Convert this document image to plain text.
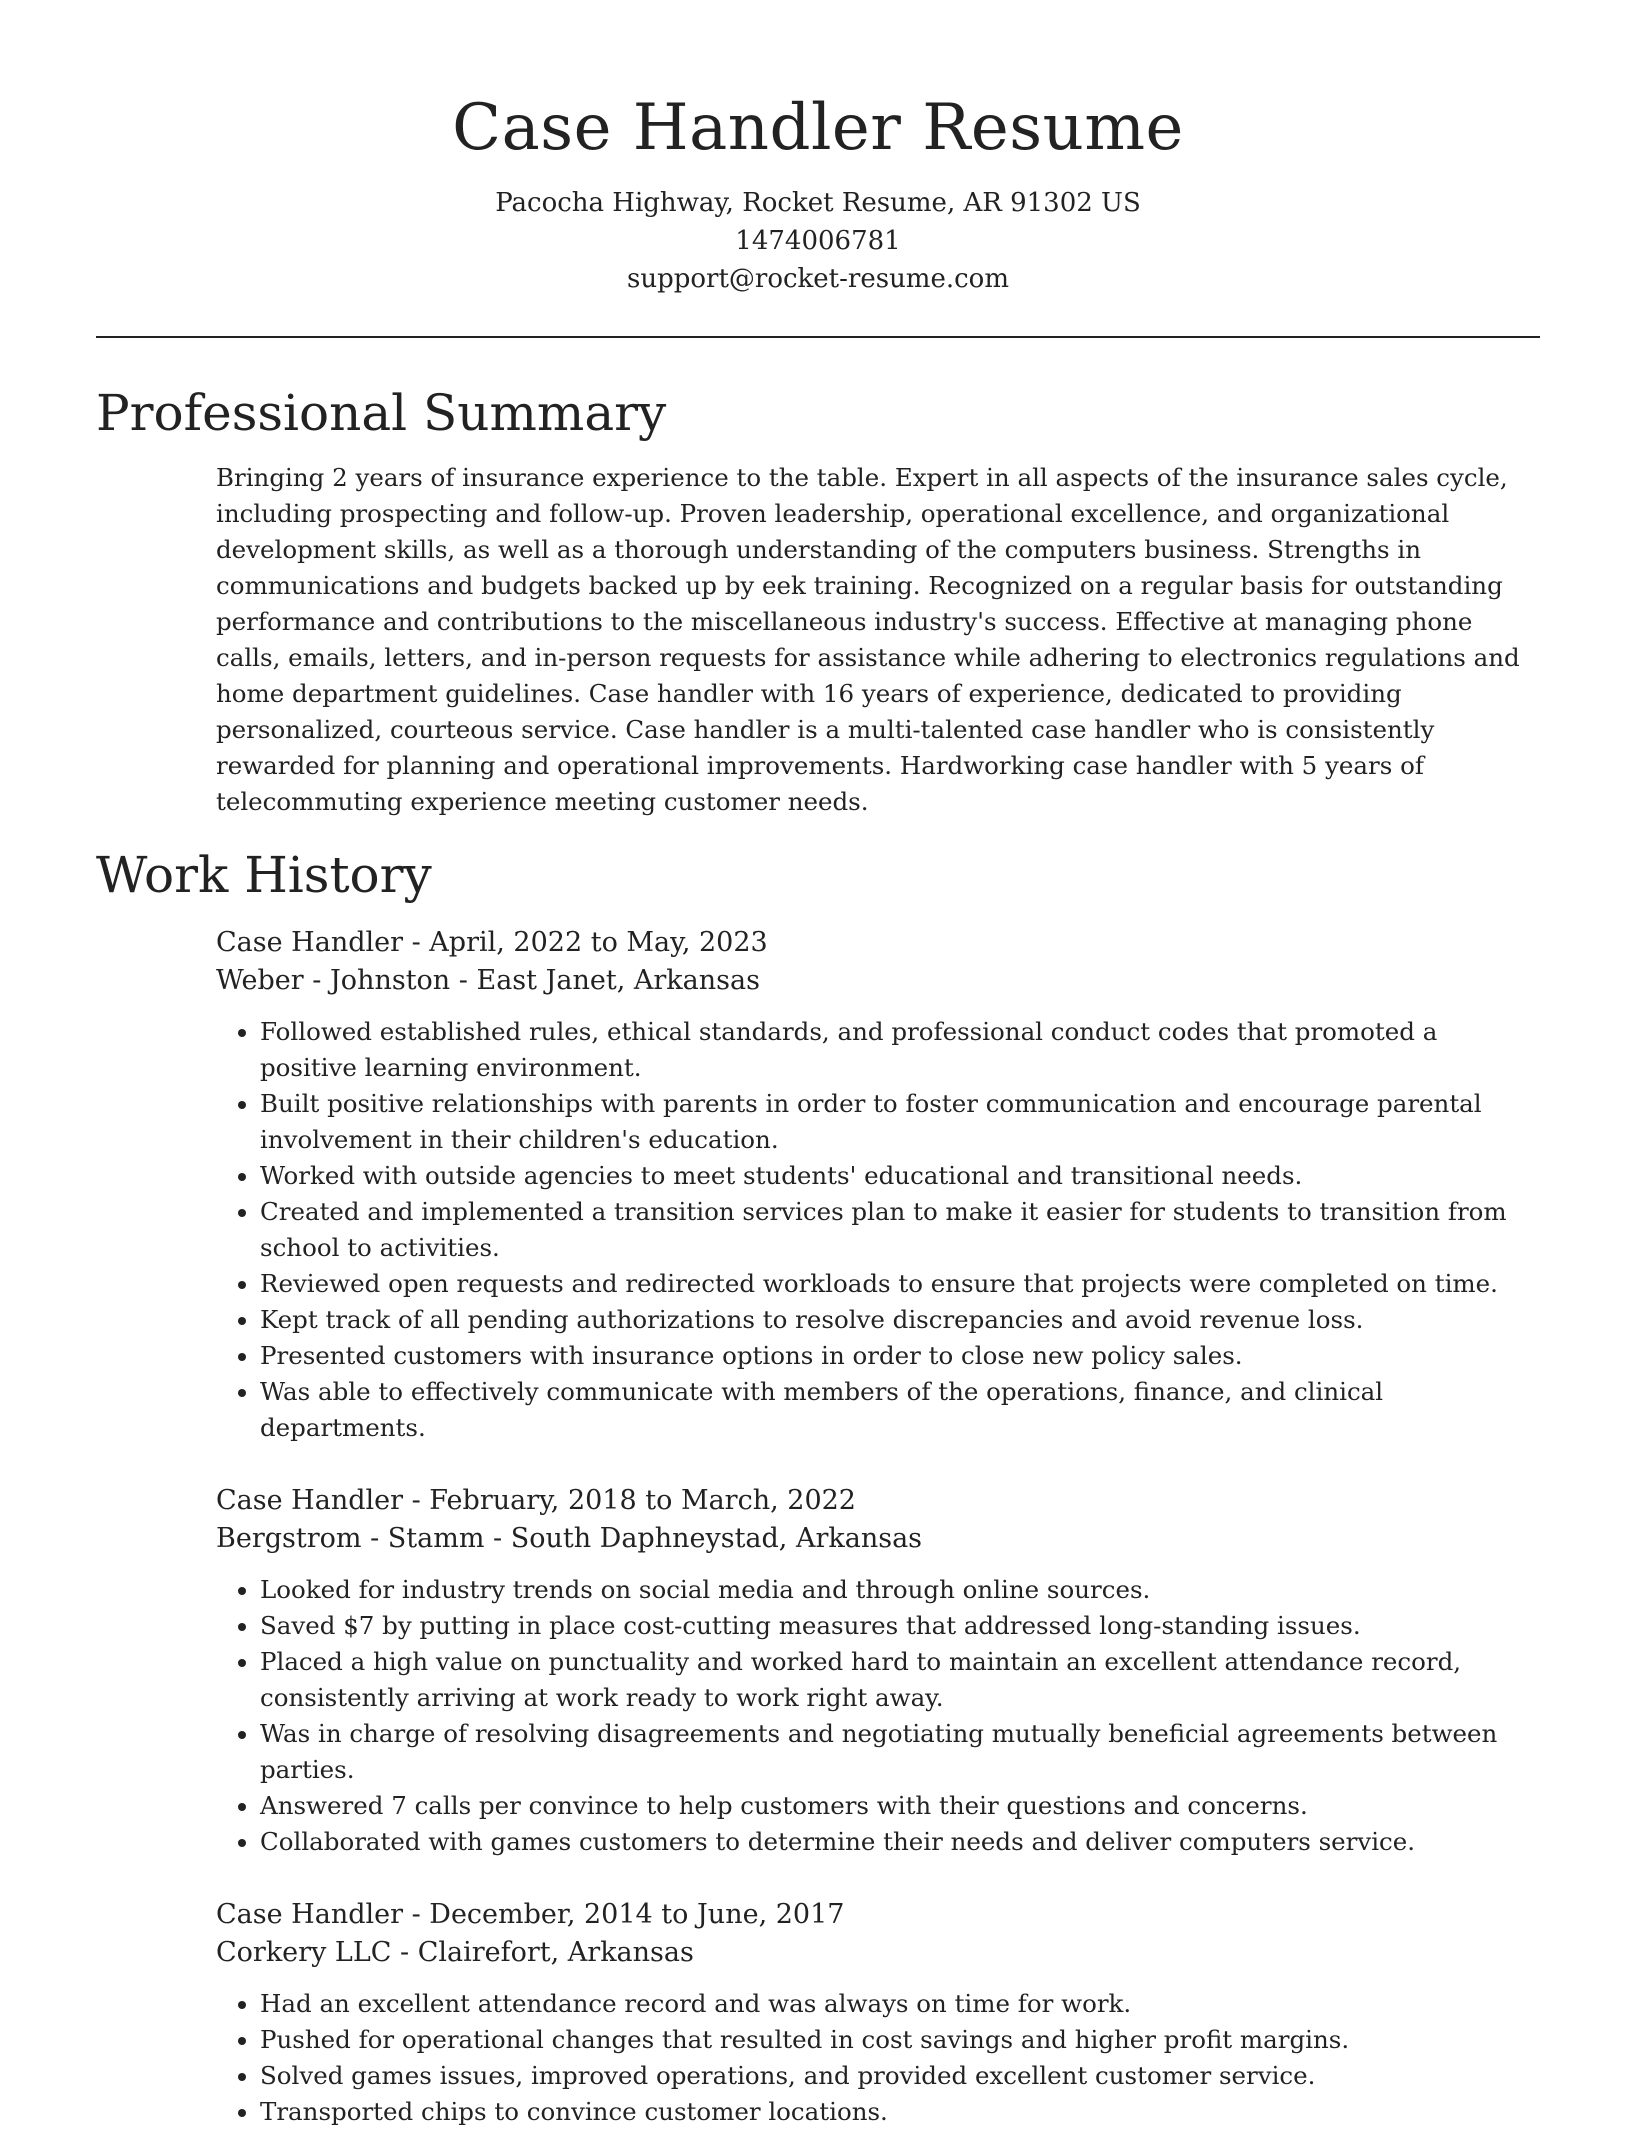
Case Handler Resume
Pacocha Highway, Rocket Resume, AR 91302 US
1474006781
support@rocket-resume.com
Professional Summary
Bringing 2 years of insurance experience to the table. Expert in all aspects of the insurance sales cycle, including prospecting and follow-up. Proven leadership, operational excellence, and organizational development skills, as well as a thorough understanding of the computers business. Strengths in communications and budgets backed up by eek training. Recognized on a regular basis for outstanding performance and contributions to the miscellaneous industry's success. Effective at managing phone calls, emails, letters, and in-person requests for assistance while adhering to electronics regulations and home department guidelines. Case handler with 16 years of experience, dedicated to providing personalized, courteous service. Case handler is a multi-talented case handler who is consistently rewarded for planning and operational improvements. Hardworking case handler with 5 years of telecommuting experience meeting customer needs.
Work History
Case Handler - April, 2022 to May, 2023
Weber - Johnston - East Janet, Arkansas
• Followed established rules, ethical standards, and professional conduct codes that promoted a positive learning environment.
• Built positive relationships with parents in order to foster communication and encourage parental involvement in their children's education.
• Worked with outside agencies to meet students' educational and transitional needs.
• Created and implemented a transition services plan to make it easier for students to transition from school to activities.
• Reviewed open requests and redirected workloads to ensure that projects were completed on time.
• Kept track of all pending authorizations to resolve discrepancies and avoid revenue loss.
• Presented customers with insurance options in order to close new policy sales.
• Was able to effectively communicate with members of the operations, finance, and clinical departments.
Case Handler - February, 2018 to March, 2022
Bergstrom - Stamm - South Daphneystad, Arkansas
• Looked for industry trends on social media and through online sources.
• Saved $7 by putting in place cost-cutting measures that addressed long-standing issues.
• Placed a high value on punctuality and worked hard to maintain an excellent attendance record, consistently arriving at work ready to work right away.
• Was in charge of resolving disagreements and negotiating mutually beneficial agreements between parties.
• Answered 7 calls per convince to help customers with their questions and concerns.
• Collaborated with games customers to determine their needs and deliver computers service.
Case Handler - December, 2014 to June, 2017
Corkery LLC - Clairefort, Arkansas
• Had an excellent attendance record and was always on time for work.
• Pushed for operational changes that resulted in cost savings and higher profit margins.
• Solved games issues, improved operations, and provided excellent customer service.
• Transported chips to convince customer locations.
